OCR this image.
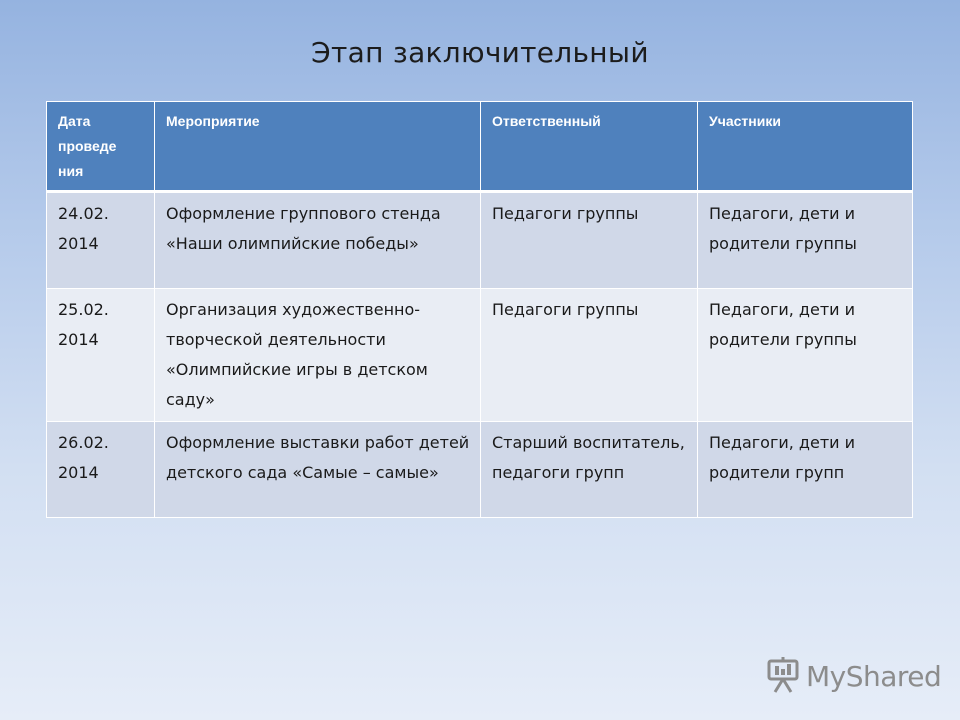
Этап заключительный
Дата проведе ния	Мероприятие	Ответственный	Участники
24.02. 2014	Оформление группового стенда «Наши олимпийские победы»	Педагоги группы	Педагоги, дети и родители группы
25.02. 2014	Организация художественно-творческой деятельности «Олимпийские игры в детском саду»	Педагоги группы	Педагоги, дети и родители группы
26.02. 2014	Оформление выставки работ детей детского сада «Самые – самые»	Старший воспитатель, педагоги групп	Педагоги, дети и родители групп
MyShared
